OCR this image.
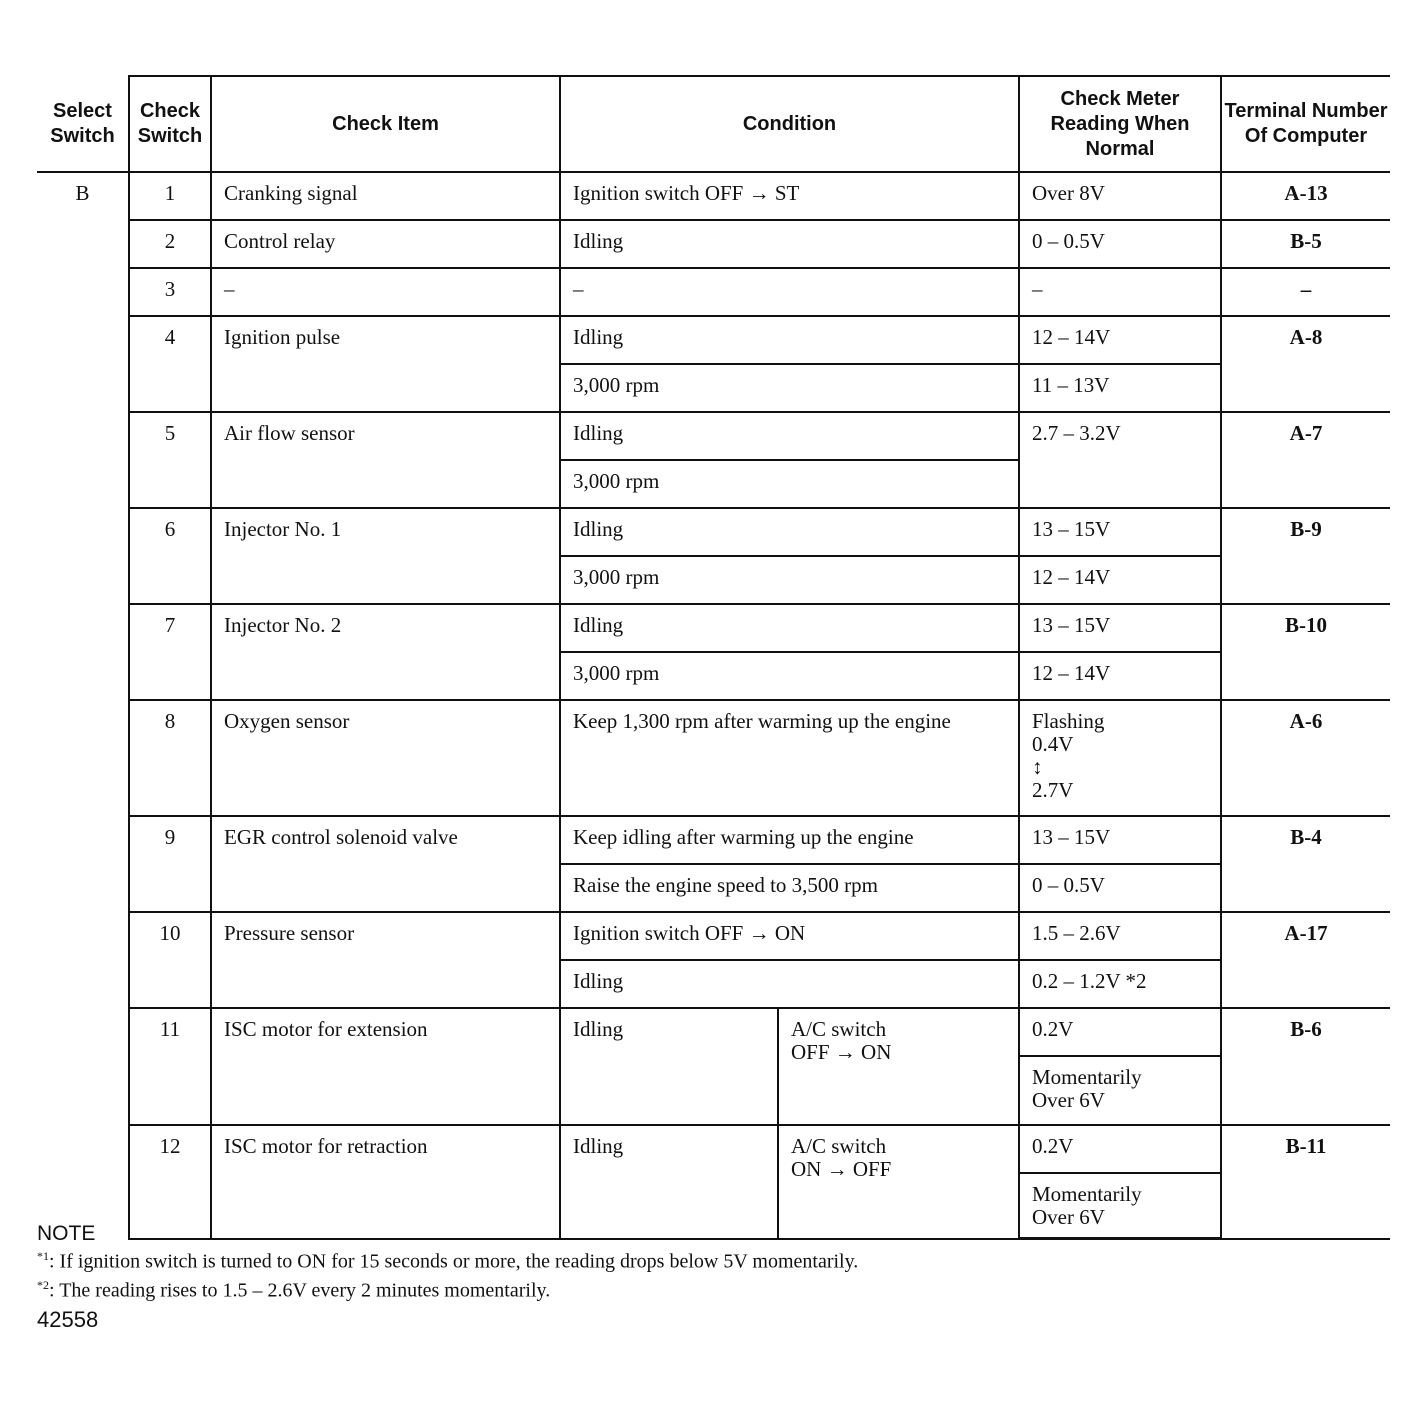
Select Switch	Check Switch	Check Item	Condition		Check Meter Reading When Normal	Terminal Number Of Computer
B	1	Cranking signal	Ignition switch OFF → ST		Over 8V	A-13
	2	Control relay	Idling		0 – 0.5V	B-5
	3	–	–		–	–
	4	Ignition pulse	Idling		12 – 14V	A-8
			3,000 rpm		11 – 13V	
	5	Air flow sensor	Idling		2.7 – 3.2V	A-7
			3,000 rpm			
	6	Injector No. 1	Idling		13 – 15V	B-9
			3,000 rpm		12 – 14V	
	7	Injector No. 2	Idling		13 – 15V	B-10
			3,000 rpm		12 – 14V	
	8	Oxygen sensor	Keep 1,300 rpm after warming up the engine		Flashing
0.4V
↕
2.7V	A-6
	9	EGR control solenoid valve	Keep idling after warming up the engine		13 – 15V	B-4
			Raise the engine speed to 3,500 rpm		0 – 0.5V	
	10	Pressure sensor	Ignition switch OFF → ON		1.5 – 2.6V	A-17
			Idling		0.2 – 1.2V *2	
	11	ISC motor for extension	Idling	A/C switch
OFF → ON	0.2V	B-6
					Momentarily
Over 6V	
	12	ISC motor for retraction	Idling	A/C switch
ON → OFF	0.2V	B-11
					Momentarily
Over 6V	
NOTE
$^{*1}$: If ignition switch is turned to ON for 15 seconds or more, the reading drops below 5V momentarily.
$^{*2}$: The reading rises to 1.5 – 2.6V every 2 minutes momentarily.
42558
